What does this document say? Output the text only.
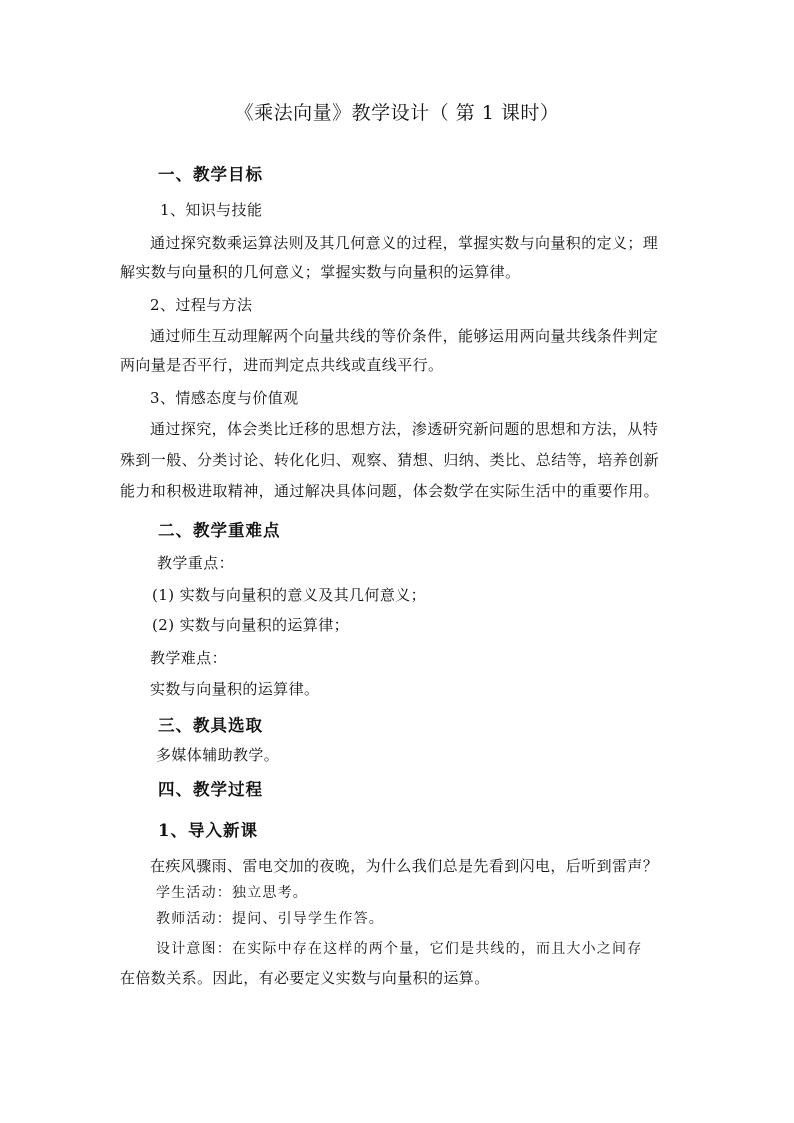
《乘法向量》教学设计（ 第 1 课时）
一、教学目标
1、知识与技能
通过探究数乘运算法则及其几何意义的过程，掌握实数与向量积的定义；理
解实数与向量积的几何意义；掌握实数与向量积的运算律。
2、过程与方法
通过师生互动理解两个向量共线的等价条件，能够运用两向量共线条件判定
两向量是否平行，进而判定点共线或直线平行。
3、情感态度与价值观
通过探究，体会类比迁移的思想方法，渗透研究新问题的思想和方法，从特
殊到一般、分类讨论、转化化归、观察、猜想、归纳、类比、总结等，培养创新
能力和积极进取精神，通过解决具体问题，体会数学在实际生活中的重要作用。
二、教学重难点
教学重点：
(1) 实数与向量积的意义及其几何意义；
(2) 实数与向量积的运算律；
教学难点：
实数与向量积的运算律。
三、教具选取
多媒体辅助教学。
四、教学过程
1、导入新课
在疾风骤雨、雷电交加的夜晚，为什么我们总是先看到闪电，后听到雷声？
学生活动：独立思考。
教师活动：提问、引导学生作答。
设计意图：在实际中存在这样的两个量，它们是共线的，而且大小之间存
在倍数关系。因此，有必要定义实数与向量积的运算。
